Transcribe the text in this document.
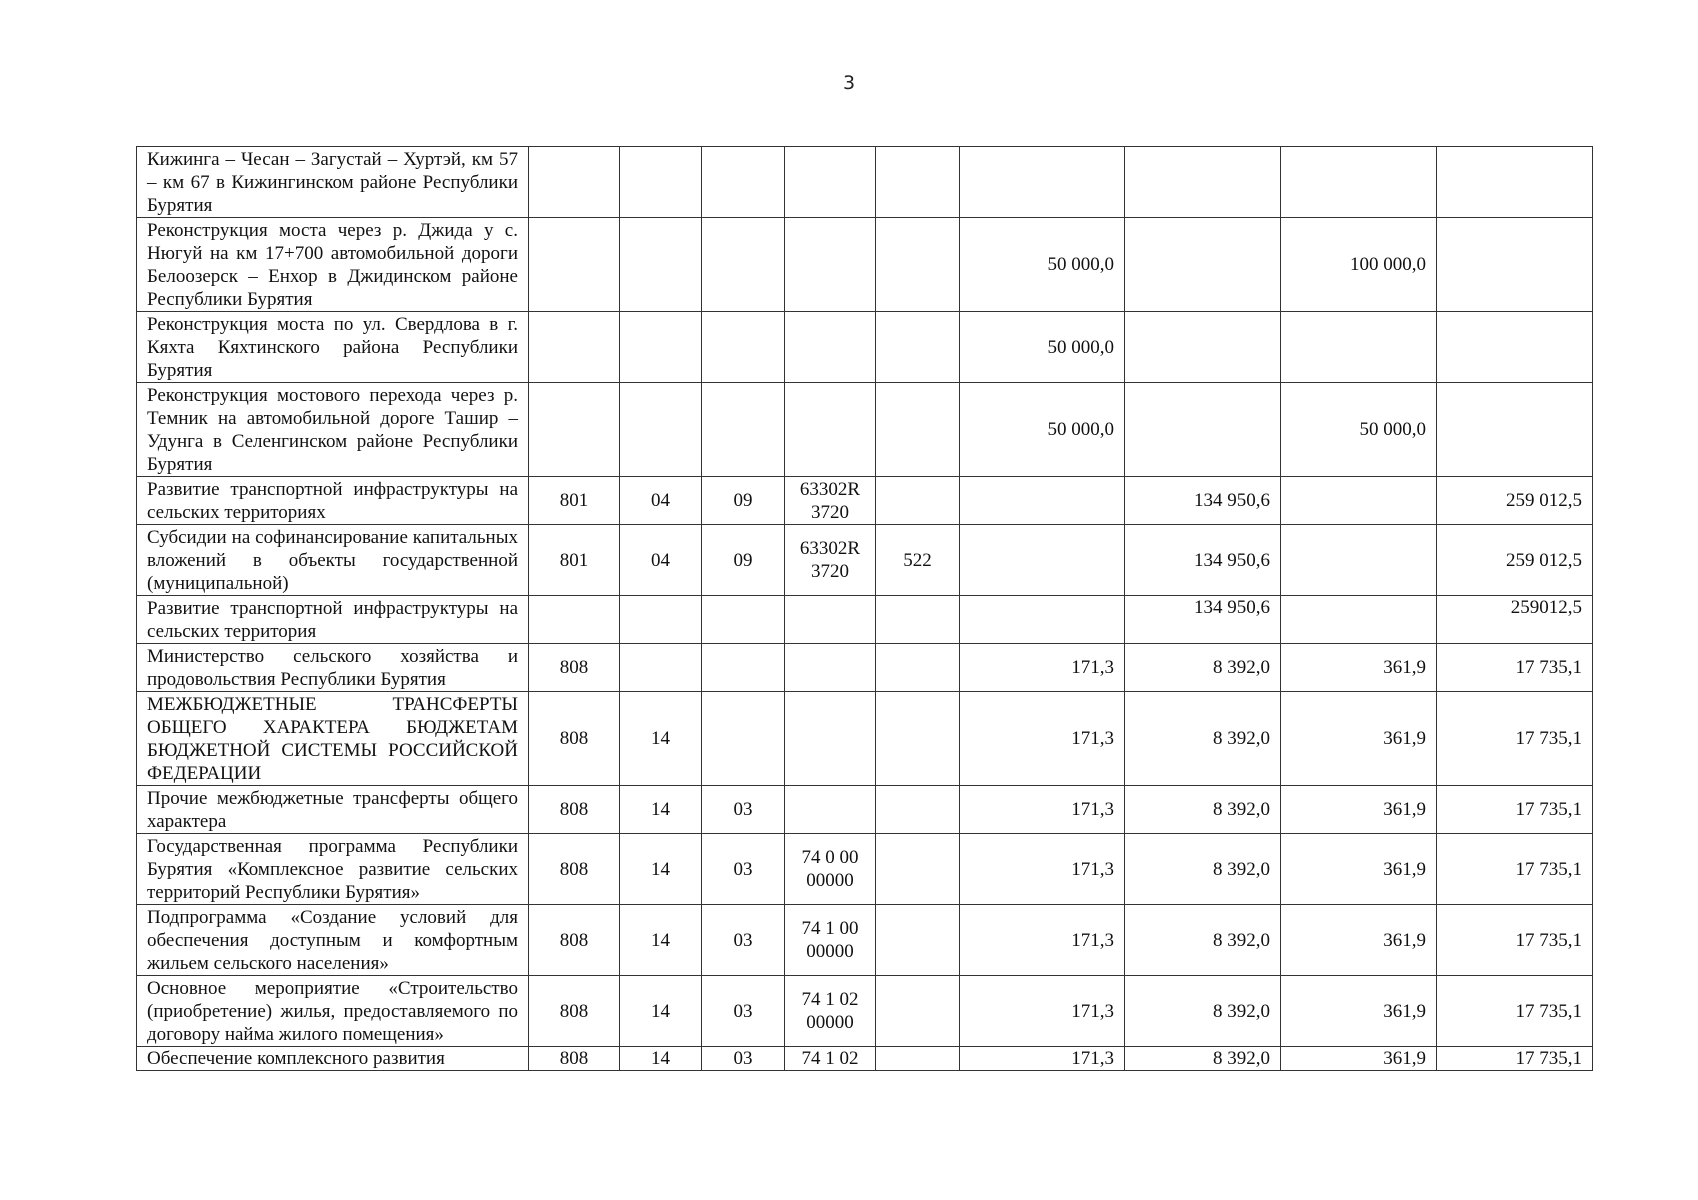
3
Кижинга – Чесан – Загустай – Хуртэй, км 57 – км 67 в Кижингинском районе Республики Бурятия									
Реконструкция моста через р. Джида у с. Нюгуй на км 17+700 автомобильной дороги Белоозерск – Енхор в Джидинском районе Республики Бурятия						50 000,0		100 000,0	
Реконструкция моста по ул. Свердлова в г. Кяхта Кяхтинского района Республики Бурятия						50 000,0			
Реконструкция мостового перехода через р. Темник на автомобильной дороге Ташир – Удунга в Селенгинском районе Республики Бурятия						50 000,0		50 000,0	
Развитие транспортной инфраструктуры на сельских территориях	801	04	09	63302R 3720			134 950,6		259 012,5
Субсидии на софинансирование капитальных вложений в объекты государственной (муниципальной)	801	04	09	63302R 3720	522		134 950,6		259 012,5
Развитие транспортной инфраструктуры на сельских территория							134 950,6		259012,5
Министерство сельского хозяйства и продовольствия Республики Бурятия	808					171,3	8 392,0	361,9	17 735,1
МЕЖБЮДЖЕТНЫЕ ТРАНСФЕРТЫ ОБЩЕГО ХАРАКТЕРА БЮДЖЕТАМ БЮДЖЕТНОЙ СИСТЕМЫ РОССИЙСКОЙ ФЕДЕРАЦИИ	808	14				171,3	8 392,0	361,9	17 735,1
Прочие межбюджетные трансферты общего характера	808	14	03			171,3	8 392,0	361,9	17 735,1
Государственная программа Республики Бурятия «Комплексное развитие сельских территорий Республики Бурятия»	808	14	03	74 0 00 00000		171,3	8 392,0	361,9	17 735,1
Подпрограмма «Создание условий для обеспечения доступным и комфортным жильем сельского населения»	808	14	03	74 1 00 00000		171,3	8 392,0	361,9	17 735,1
Основное мероприятие «Строительство (приобретение) жилья, предоставляемого по договору найма жилого помещения»	808	14	03	74 1 02 00000		171,3	8 392,0	361,9	17 735,1
Обеспечение комплексного развития	808	14	03	74 1 02		171,3	8 392,0	361,9	17 735,1
